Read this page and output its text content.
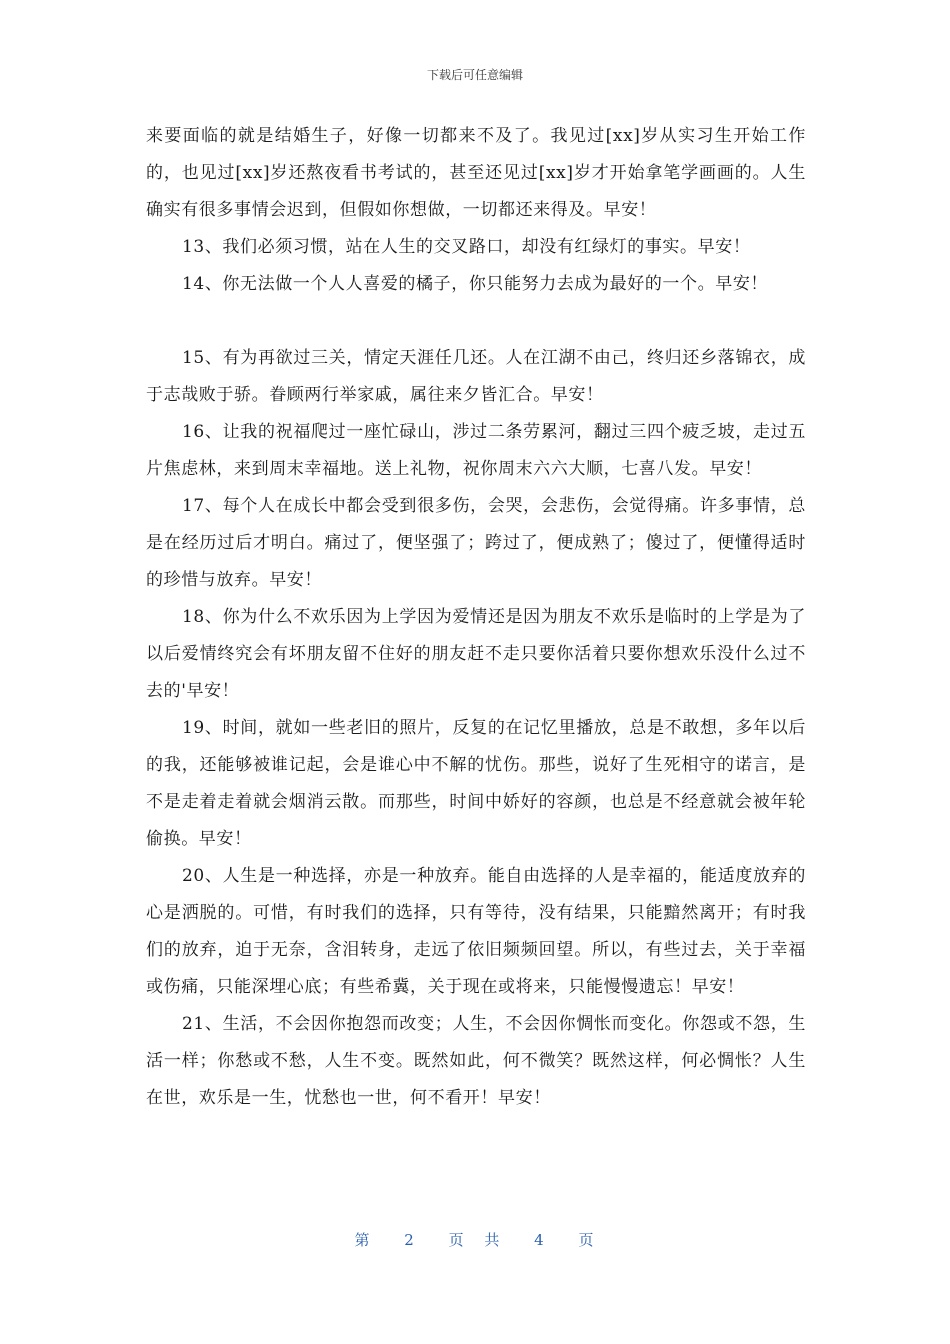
下载后可任意编辑

来要面临的就是结婚生子，好像一切都来不及了。我见过[xx]岁从实习生开始工作的，也见过[xx]岁还熬夜看书考试的，甚至还见过[xx]岁才开始拿笔学画画的。人生确实有很多事情会迟到，但假如你想做，一切都还来得及。早安！

13、我们必须习惯，站在人生的交叉路口，却没有红绿灯的事实。早安！

14、你无法做一个人人喜爱的橘子，你只能努力去成为最好的一个。早安！

15、有为再欲过三关，情定天涯任几还。人在江湖不由己，终归还乡落锦衣，成于志哉败于骄。眷顾两行举家戚，属往来夕皆汇合。早安！

16、让我的祝福爬过一座忙碌山，涉过二条劳累河，翻过三四个疲乏坡，走过五片焦虑林，来到周末幸福地。送上礼物，祝你周末六六大顺，七喜八发。早安！

17、每个人在成长中都会受到很多伤，会哭，会悲伤，会觉得痛。许多事情，总是在经历过后才明白。痛过了，便坚强了；跨过了，便成熟了；傻过了，便懂得适时的珍惜与放弃。早安！

18、你为什么不欢乐因为上学因为爱情还是因为朋友不欢乐是临时的上学是为了以后爱情终究会有坏朋友留不住好的朋友赶不走只要你活着只要你想欢乐没什么过不去的'早安！

19、时间，就如一些老旧的照片，反复的在记忆里播放，总是不敢想，多年以后的我，还能够被谁记起，会是谁心中不解的忧伤。那些，说好了生死相守的诺言，是不是走着走着就会烟消云散。而那些，时间中娇好的容颜，也总是不经意就会被年轮偷换。早安！

20、人生是一种选择，亦是一种放弃。能自由选择的人是幸福的，能适度放弃的心是洒脱的。可惜，有时我们的选择，只有等待，没有结果，只能黯然离开；有时我们的放弃，迫于无奈，含泪转身，走远了依旧频频回望。所以，有些过去，关于幸福或伤痛，只能深埋心底；有些希冀，关于现在或将来，只能慢慢遗忘！早安！

21、生活，不会因你抱怨而改变；人生，不会因你惆怅而变化。你怨或不怨，生活一样；你愁或不愁，人生不变。既然如此，何不微笑？既然这样，何必惆怅？人生在世，欢乐是一生，忧愁也一世，何不看开！早安！

第 2 页 共 4 页
